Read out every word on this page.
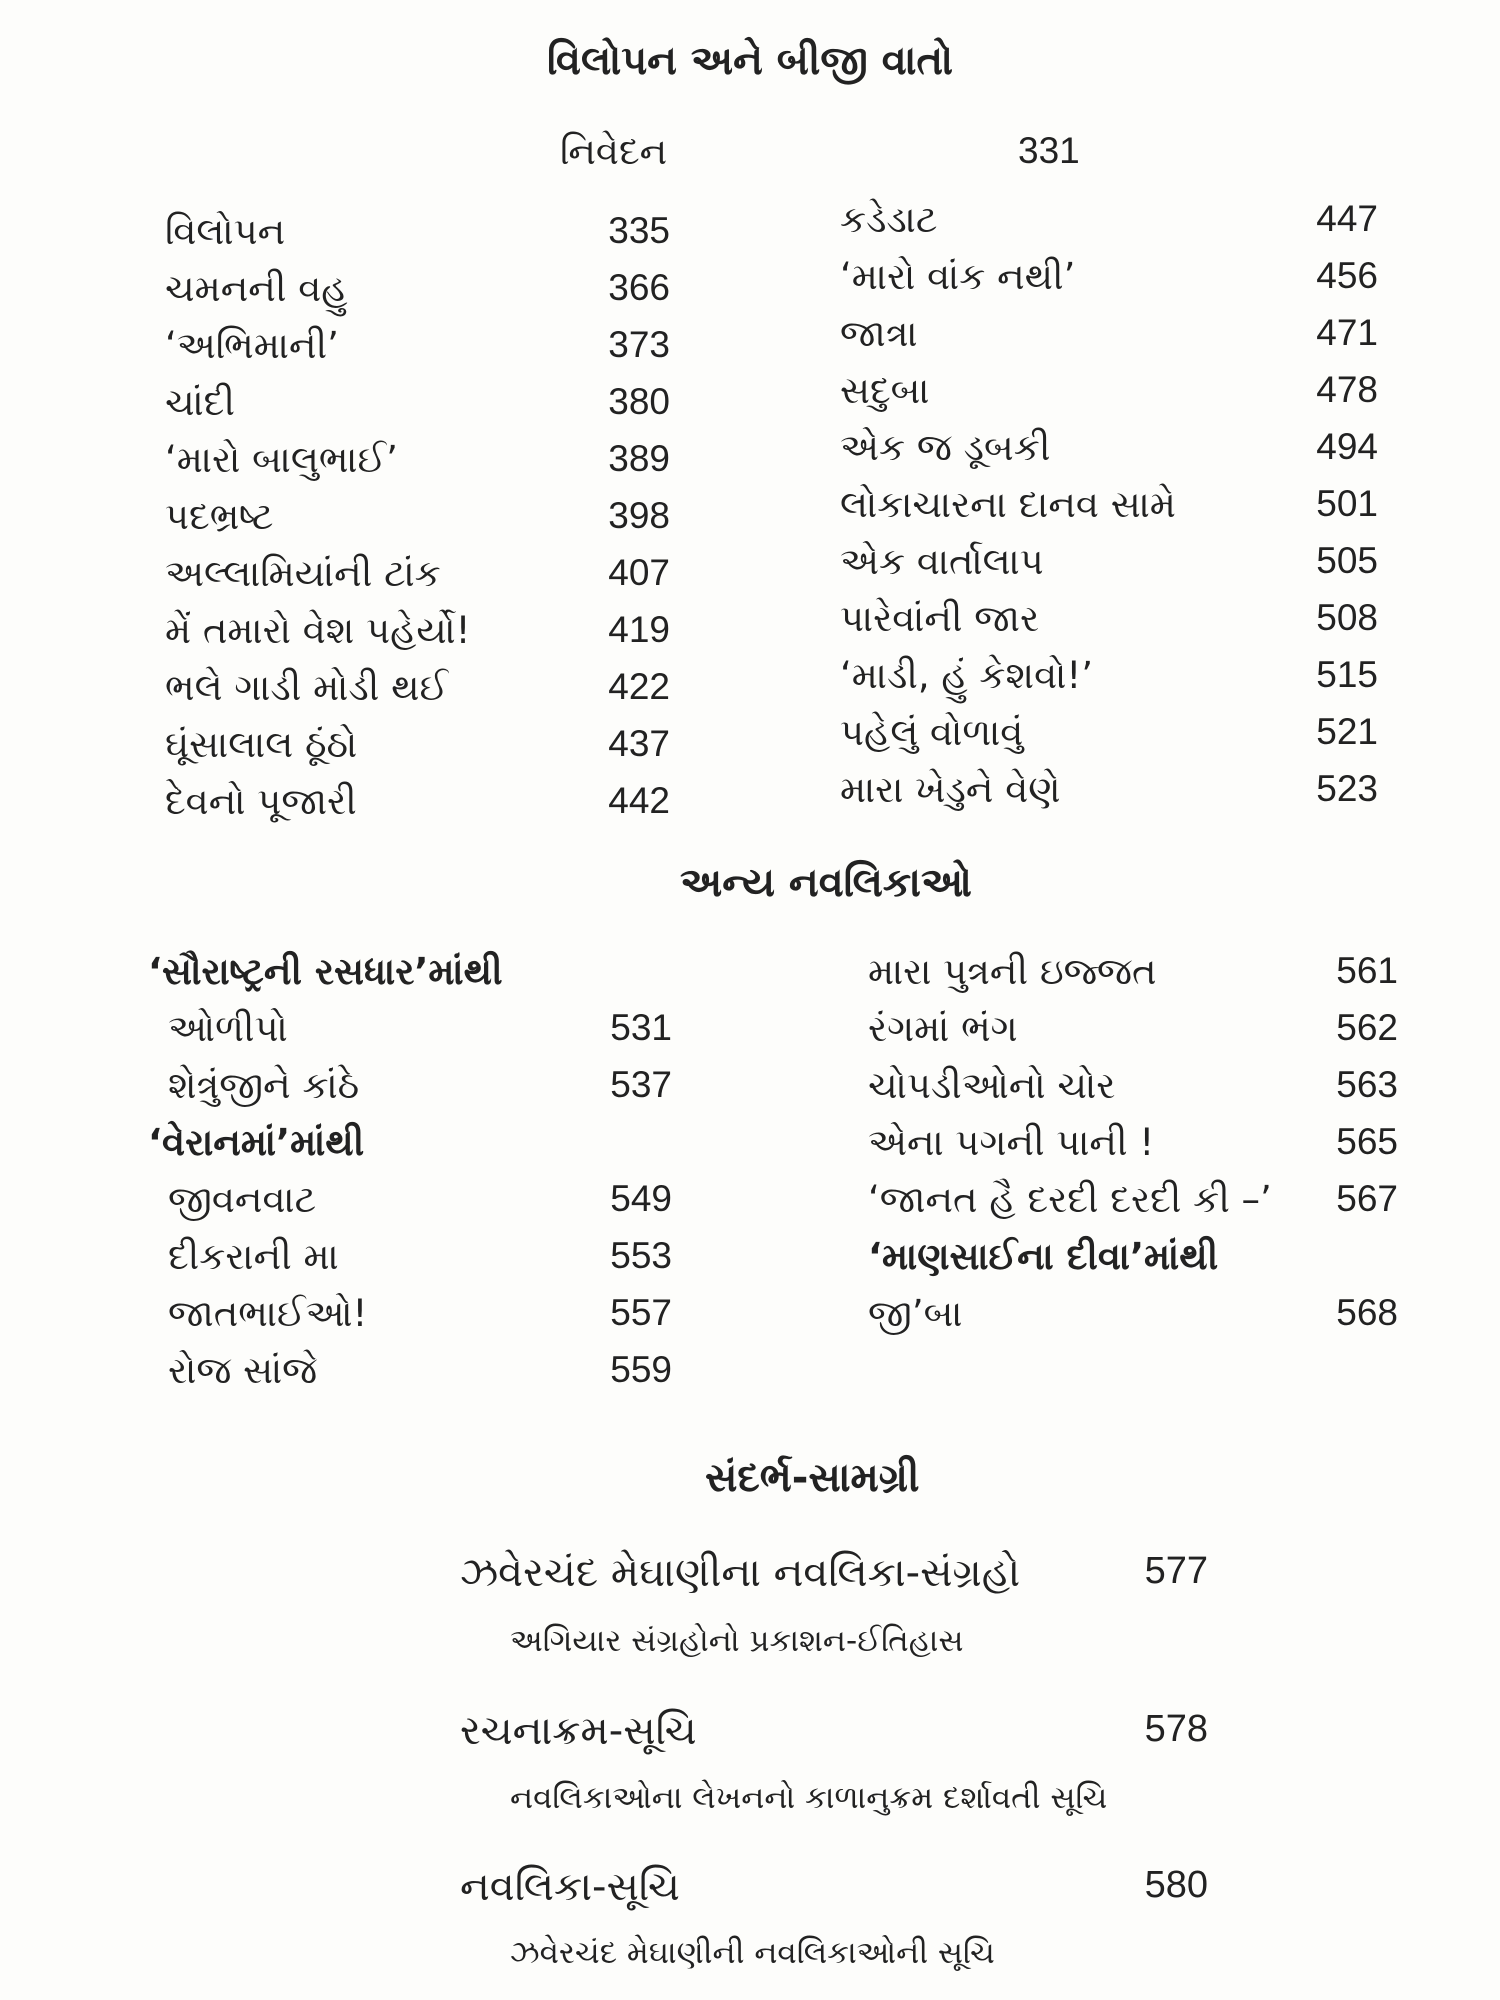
વિલોપન અને બીજી વાતો
નિવેદન	331
વિલોપન	335
ચમનની વહુ	366
‘અભિમાની’	373
ચાંદી	380
‘મારો બાલુભાઈ’	389
પદભ્રષ્ટ	398
અલ્લામિયાંની ટાંક	407
મેં તમારો વેશ પહેર્યો!	419
ભલે ગાડી મોડી થઈ	422
ઘૂંસાલાલ ઠૂંઠો	437
દેવનો પૂજારી	442
કડેડાટ	447
‘મારો વાંક નથી’	456
જાત્રા	471
સદુબા	478
એક જ ડૂબકી	494
લોકાચારના દાનવ સામે	501
એક વાર્તાલાપ	505
પારેવાંની જાર	508
‘માડી, હું કેશવો!’	515
પહેલું વોળાવું	521
મારા ખેડુને વેણે	523
અન્ય નવલિકાઓ
‘સૌરાષ્ટ્રની રસધાર’માંથી
ઓળીપો	531
શેત્રુંજીને કાંઠે	537
‘વેરાનમાં’માંથી
જીવનવાટ	549
દીકરાની મા	553
જાતભાઈઓ!	557
રોજ સાંજે	559
મારા પુત્રની ઇજ્જત	561
રંગમાં ભંગ	562
ચોપડીઓનો ચોર	563
એના પગની પાની !	565
‘જાનત હૈ દરદી દરદી કી –’	567
‘માણસાઈના દીવા’માંથી
જી’બા	568
સંદર્ભ-સામગ્રી
ઝવેરચંદ મેઘાણીના નવલિકા-સંગ્રહો	577
અગિયાર સંગ્રહોનો પ્રકાશન-ઈતિહાસ
રચનાક્રમ-સૂચિ	578
નવલિકાઓના લેખનનો કાળાનુક્રમ દર્શાવતી સૂચિ
નવલિકા-સૂચિ	580
ઝવેરચંદ મેઘાણીની નવલિકાઓની સૂચિ
